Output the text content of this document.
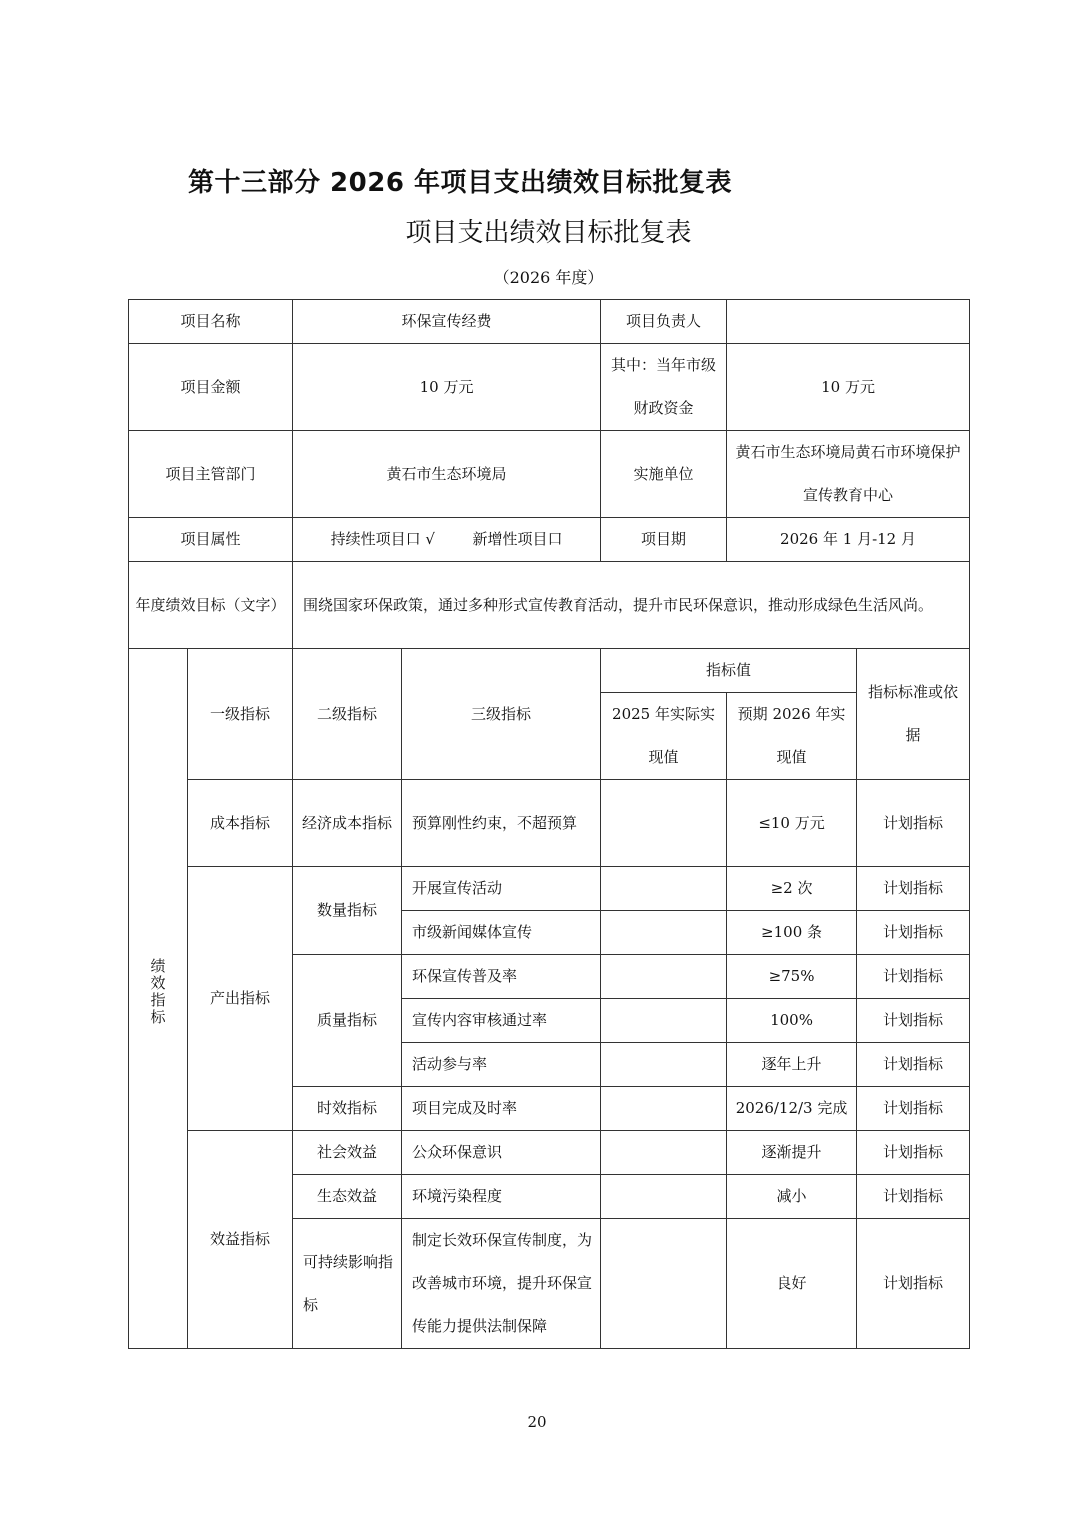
第十三部分 2026 年项目支出绩效目标批复表
项目支出绩效目标批复表
（2026 年度）
项目名称		环保宣传经费		项目负责人		
项目金额		10 万元		其中：当年市级财政资金	10 万元	
项目主管部门		黄石市生态环境局		实施单位	黄石市生态环境局黄石市环境保护宣传教育中心	
项目属性		持续性项目口 √ 新增性项目口		项目期	2026 年 1 月-12 月	
年度绩效目标（文字）		围绕国家环保政策，通过多种形式宣传教育活动，提升市民环保意识，推动形成绿色生活风尚。				
绩效指标	一级指标	二级指标	三级指标	指标值		指标标准或依据
				2025 年实际实现值	预期 2026 年实现值	
	成本指标	经济成本指标	预算刚性约束，不超预算		≤10 万元	计划指标
	产出指标	数量指标	开展宣传活动		≥2 次	计划指标
			市级新闻媒体宣传		≥100 条	计划指标
		质量指标	环保宣传普及率		≥75%	计划指标
			宣传内容审核通过率		100%	计划指标
			活动参与率		逐年上升	计划指标
		时效指标	项目完成及时率		2026/12/3 完成	计划指标
	效益指标	社会效益	公众环保意识		逐渐提升	计划指标
		生态效益	环境污染程度		减小	计划指标
		可持续影响指标	制定长效环保宣传制度，为改善城市环境，提升环保宣传能力提供法制保障		良好	计划指标
20
